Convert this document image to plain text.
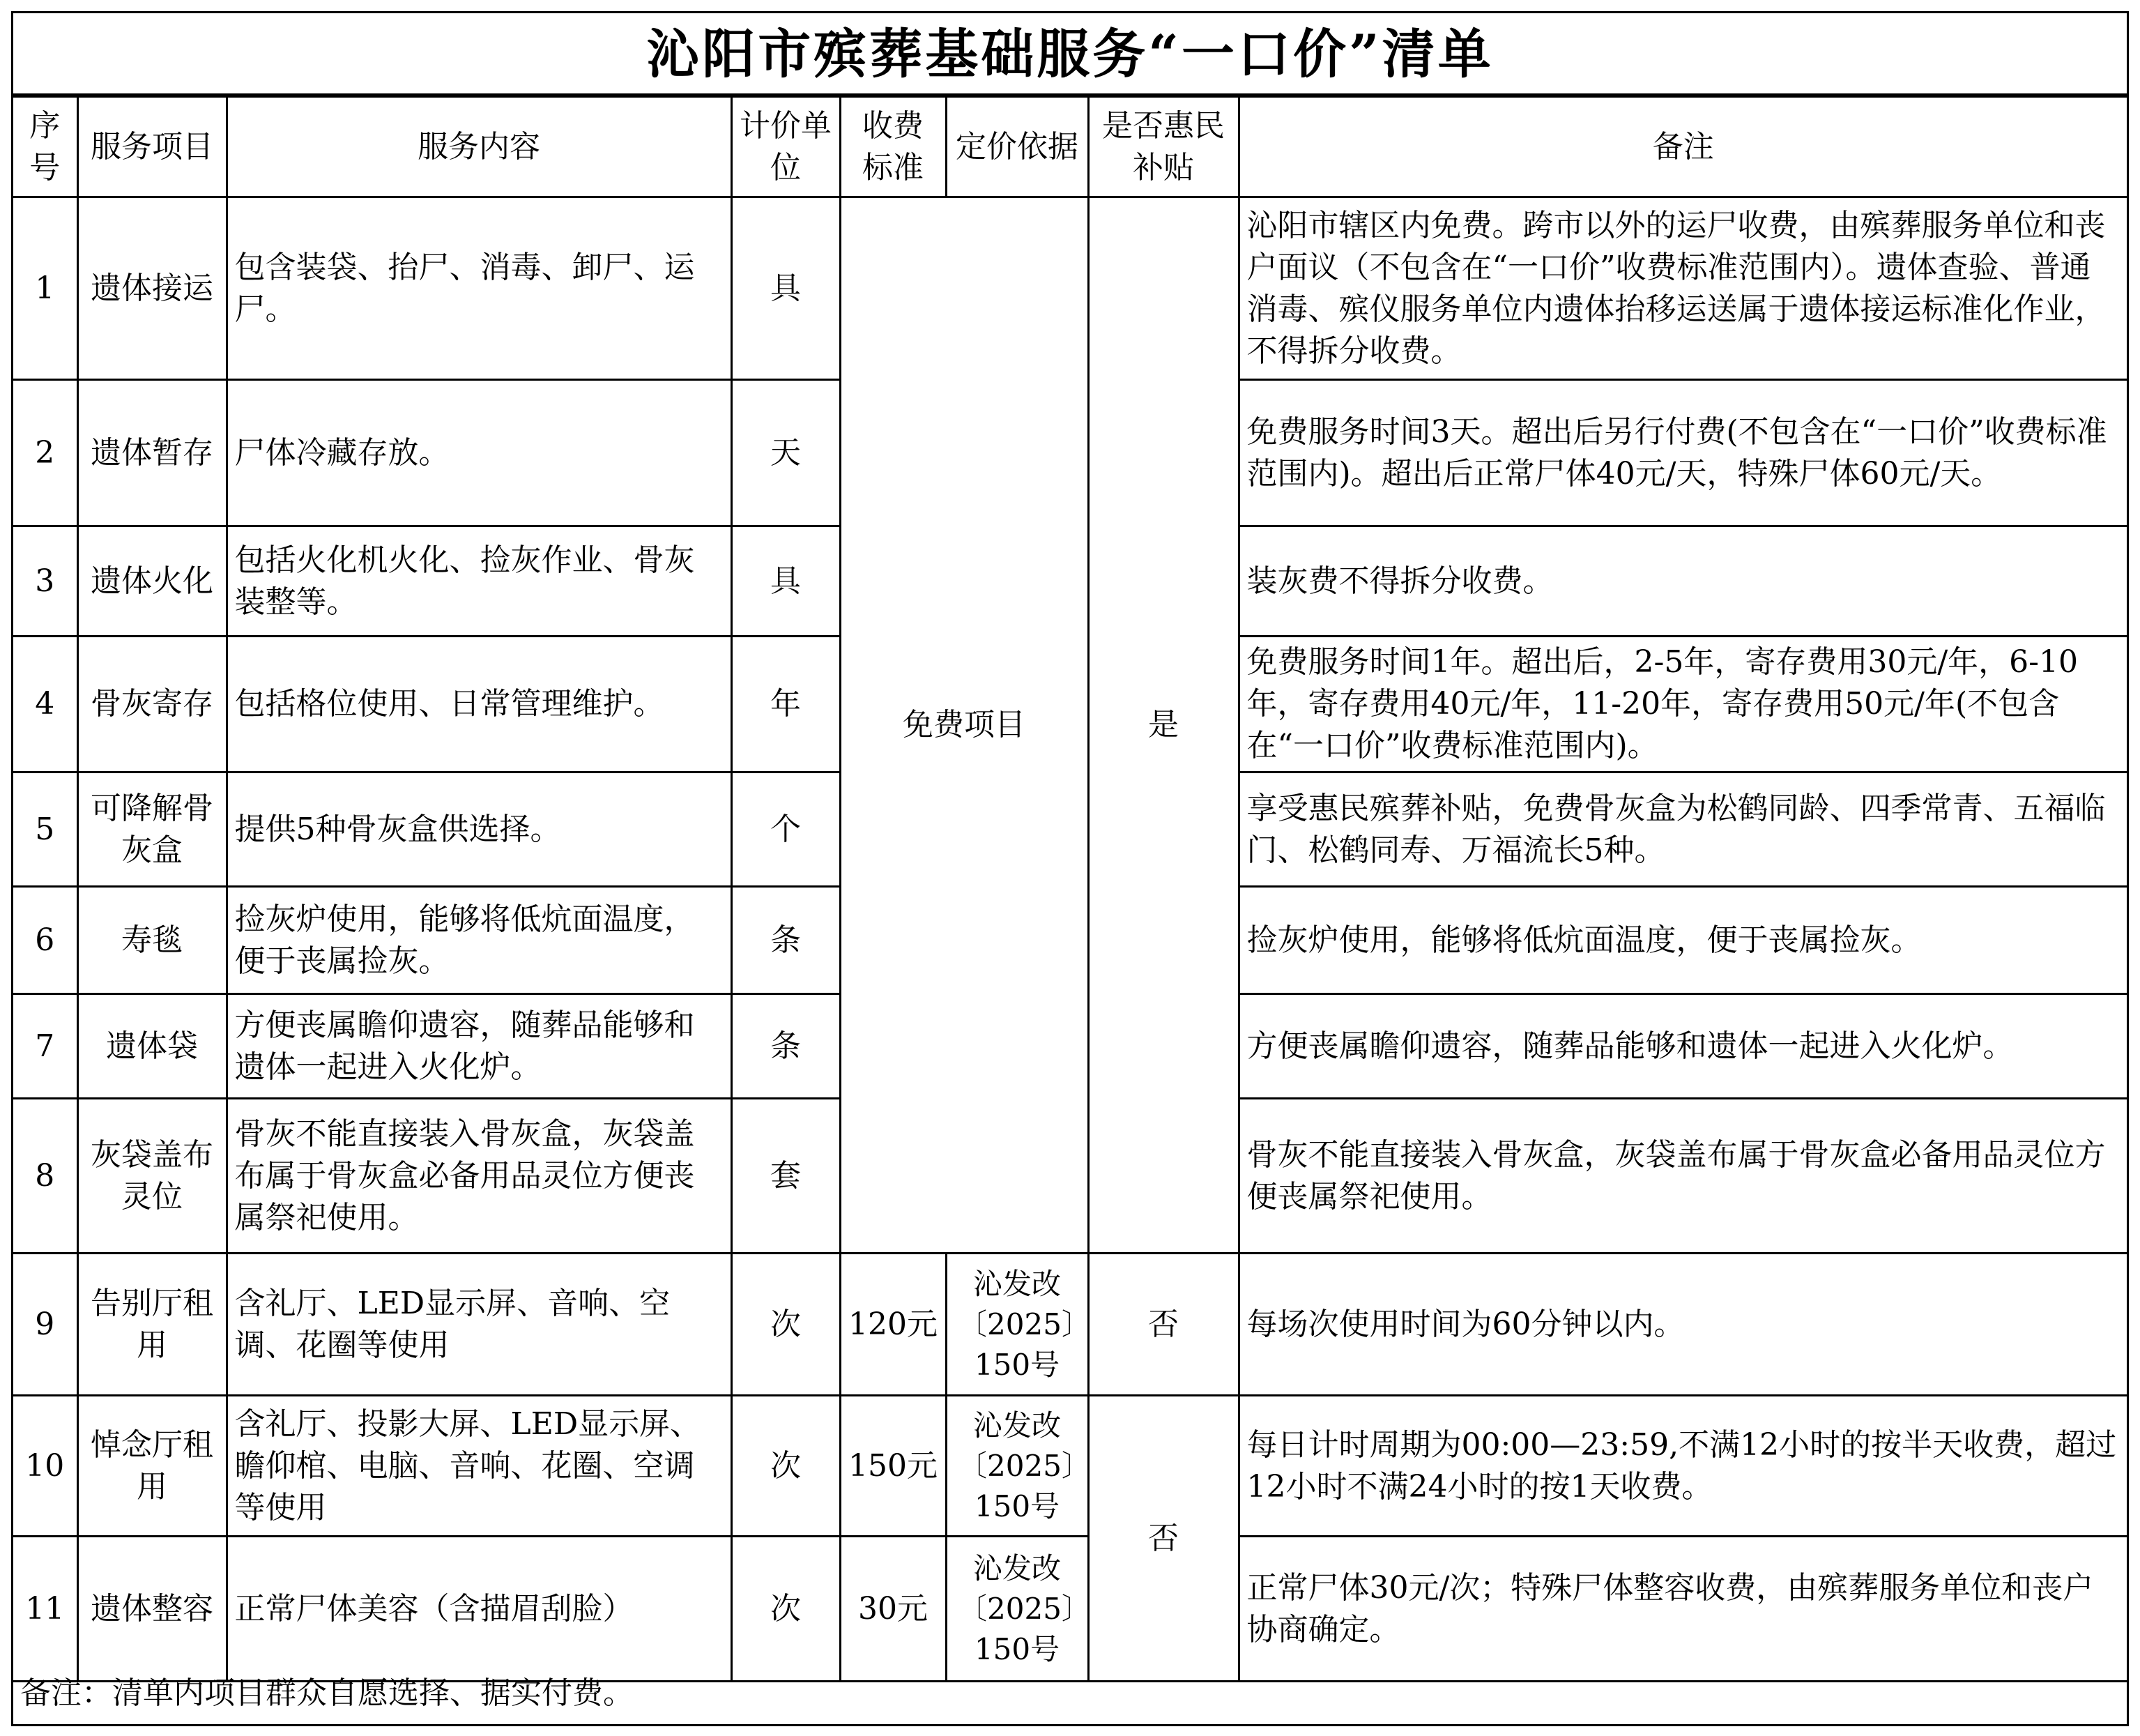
沁阳市殡葬基础服务“一口价”清单
序号	服务项目	服务内容	计价单位	收费标准	定价依据	是否惠民补贴	备注
1	遗体接运	包含装袋、抬尸、消毒、卸尸、运尸。	具	免费项目		是	沁阳市辖区内免费。跨市以外的运尸收费，由殡葬服务单位和丧户面议（不包含在“一口价”收费标准范围内）。遗体查验、普通消毒、殡仪服务单位内遗体抬移运送属于遗体接运标准化作业，不得拆分收费。
2	遗体暂存	尸体冷藏存放。	天				免费服务时间3天。超出后另行付费(不包含在“一口价”收费标准范围内)。超出后正常尸体40元/天，特殊尸体60元/天。
3	遗体火化	包括火化机火化、捡灰作业、骨灰装整等。	具				装灰费不得拆分收费。
4	骨灰寄存	包括格位使用、日常管理维护。	年				免费服务时间1年。超出后，2-5年，寄存费用30元/年，6-10年，寄存费用40元/年，11-20年，寄存费用50元/年(不包含在“一口价”收费标准范围内)。
5	可降解骨灰盒	提供5种骨灰盒供选择。	个				享受惠民殡葬补贴，免费骨灰盒为松鹤同龄、四季常青、五福临门、松鹤同寿、万福流长5种。
6	寿毯	捡灰炉使用，能够将低炕面温度，便于丧属捡灰。	条				捡灰炉使用，能够将低炕面温度，便于丧属捡灰。
7	遗体袋	方便丧属瞻仰遗容，随葬品能够和遗体一起进入火化炉。	条				方便丧属瞻仰遗容，随葬品能够和遗体一起进入火化炉。
8	灰袋盖布灵位	骨灰不能直接装入骨灰盒，灰袋盖布属于骨灰盒必备用品灵位方便丧属祭祀使用。	套				骨灰不能直接装入骨灰盒，灰袋盖布属于骨灰盒必备用品灵位方便丧属祭祀使用。
9	告别厅租用	含礼厅、LED显示屏、音响、空调、花圈等使用	次	120元	沁发改〔2025〕150号	否	每场次使用时间为60分钟以内。
10	悼念厅租用	含礼厅、投影大屏、LED显示屏、瞻仰棺、电脑、音响、花圈、空调等使用	次	150元	沁发改〔2025〕150号	否	每日计时周期为00:00—23:59,不满12小时的按半天收费，超过12小时不满24小时的按1天收费。
11	遗体整容	正常尸体美容（含描眉刮脸）	次	30元	沁发改〔2025〕150号		正常尸体30元/次；特殊尸体整容收费，由殡葬服务单位和丧户协商确定。
备注：清单内项目群众自愿选择、据实付费。
